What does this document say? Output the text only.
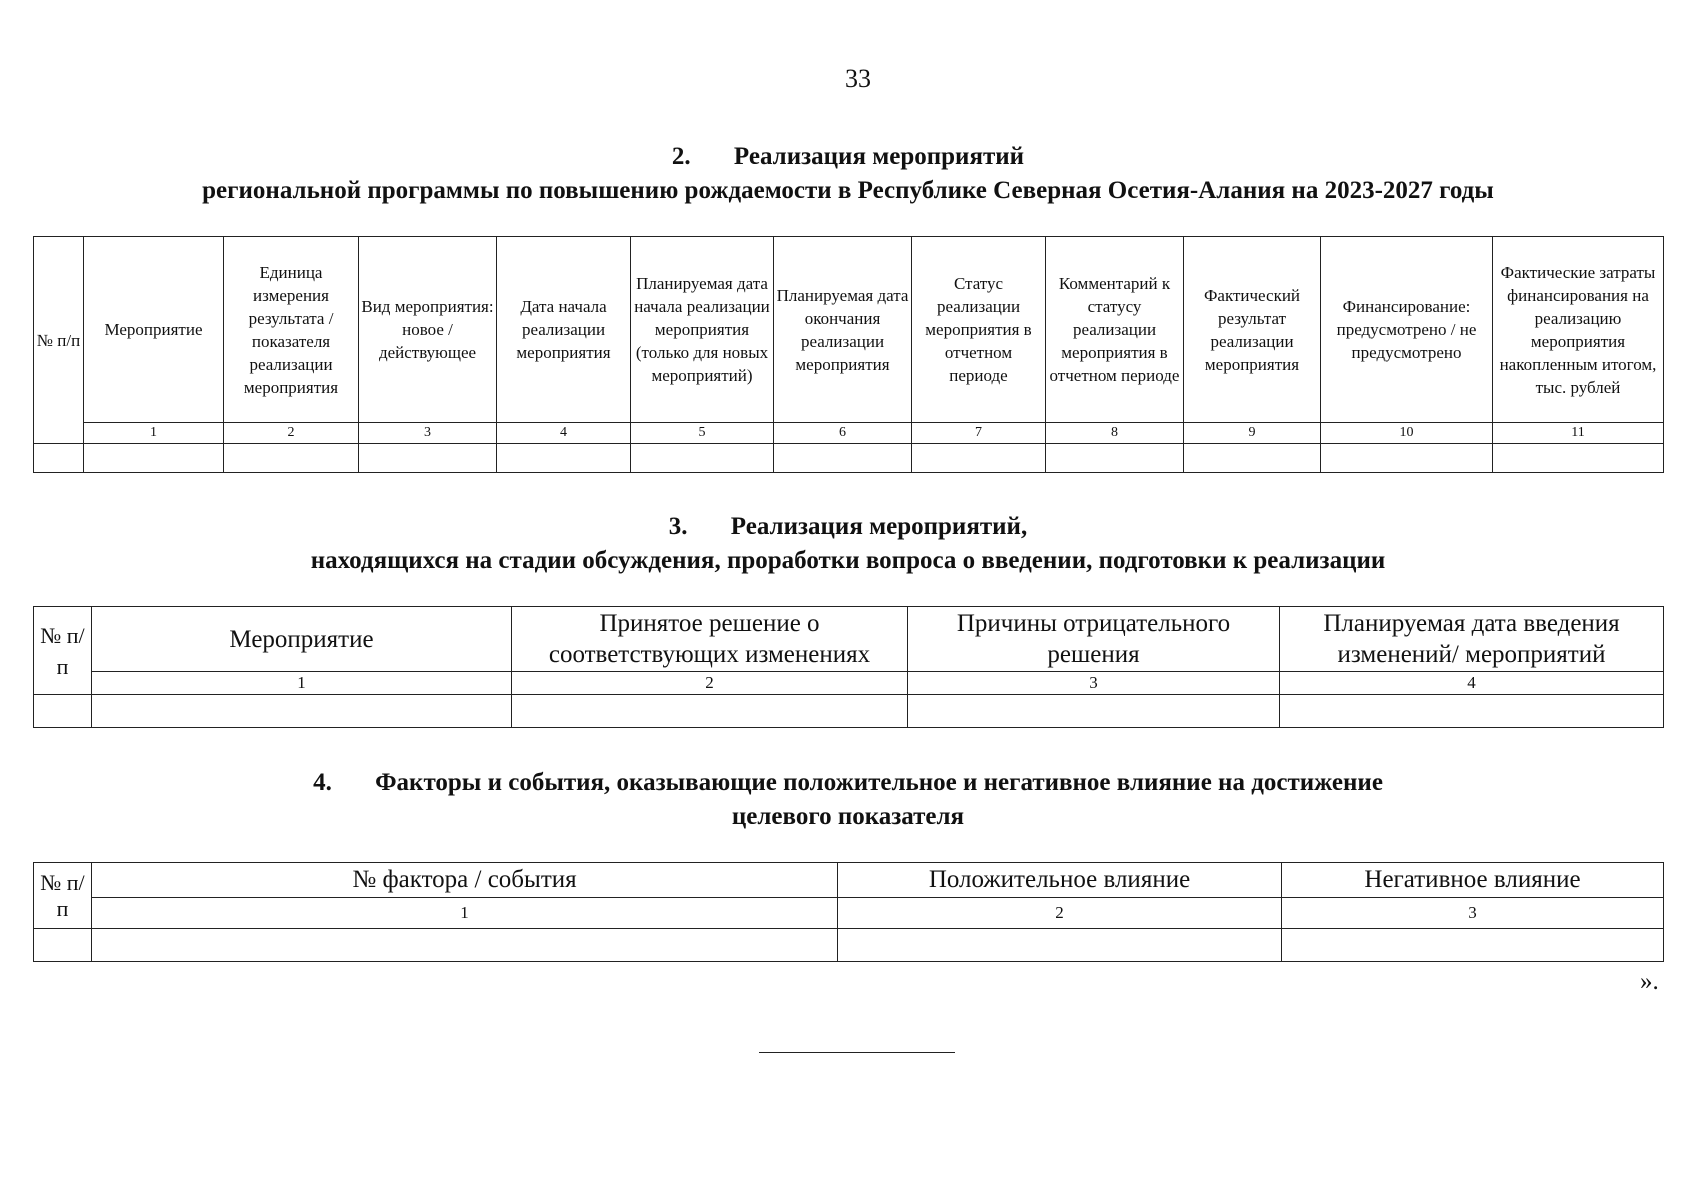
33
2. Реализация мероприятий
региональной программы по повышению рождаемости в Республике Северная Осетия-Алания на 2023-2027 годы
№ п/п	Мероприятие	Единица измерения результата / показателя реализации мероприятия	Вид мероприятия: новое / действующее	Дата начала реализации мероприятия	Планируемая дата начала реализации мероприятия (только для новых мероприятий)	Планируемая дата окончания реализации мероприятия	Статус реализации мероприятия в отчетном периоде	Комментарий к статусу реализации мероприятия в отчетном периоде	Фактический результат реализации мероприятия	Финансирование: предусмотрено / не предусмотрено	Фактические затраты финансирования на реализацию мероприятия накопленным итогом, тыс. рублей
	1	2	3	4	5	6	7	8	9	10	11

3. Реализация мероприятий,
находящихся на стадии обсуждения, проработки вопроса о введении, подготовки к реализации
№ п/п	Мероприятие	Принятое решение о соответствующих изменениях	Причины отрицательного решения	Планируемая дата введения изменений/ мероприятий
	1	2	3	4

4. Факторы и события, оказывающие положительное и негативное влияние на достижение
целевого показателя
№ п/п	№ фактора / события	Положительное влияние	Негативное влияние
	1	2	3

».
